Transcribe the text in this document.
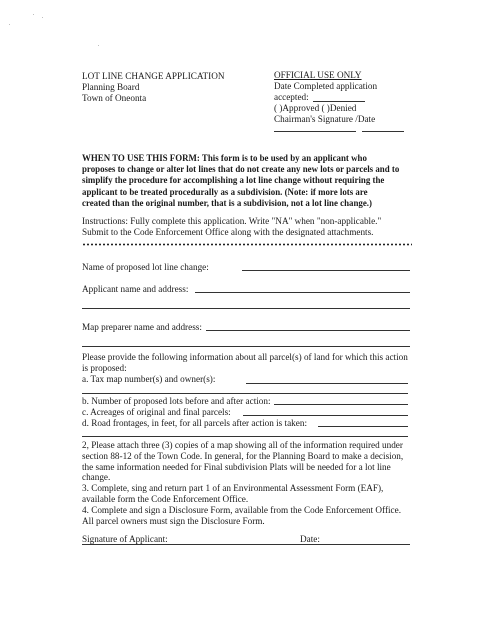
LOT LINE CHANGE APPLICATION
Planning Board
Town of Oneonta
OFFICIAL USE ONLY
Date Completed application
accepted:
( )Approved ( )Denied
Chairman's Signature /Date
WHEN TO USE THIS FORM: This form is to be used by an applicant who
proposes to change or alter lot lines that do not create any new lots or parcels and to
simplify the procedure for accomplishing a lot line change without requiring the
applicant to be treated procedurally as a subdivision. (Note: if more lots are
created than the original number, that is a subdivision, not a lot line change.)
Instructions: Fully complete this application. Write "NA" when "non-applicable."
Submit to the Code Enforcement Office along with the designated attachments.
Name of proposed lot line change:
Applicant name and address:
Map preparer name and address:
Please provide the following information about all parcel(s) of land for which this action
is proposed:
a. Tax map number(s) and owner(s):
b. Number of proposed lots before and after action:
c. Acreages of original and final parcels:
d. Road frontages, in feet, for all parcels after action is taken:
2, Please attach three (3) copies of a map showing all of the information required under
section 88-12 of the Town Code. In general, for the Planning Board to make a decision,
the same information needed for Final subdivision Plats will be needed for a lot line
change.
3. Complete, sing and return part 1 of an Environmental Assessment Form (EAF),
available form the Code Enforcement Office.
4. Complete and sign a Disclosure Form, available from the Code Enforcement Office.
All parcel owners must sign the Disclosure Form.
Signature of Applicant:	Date:
